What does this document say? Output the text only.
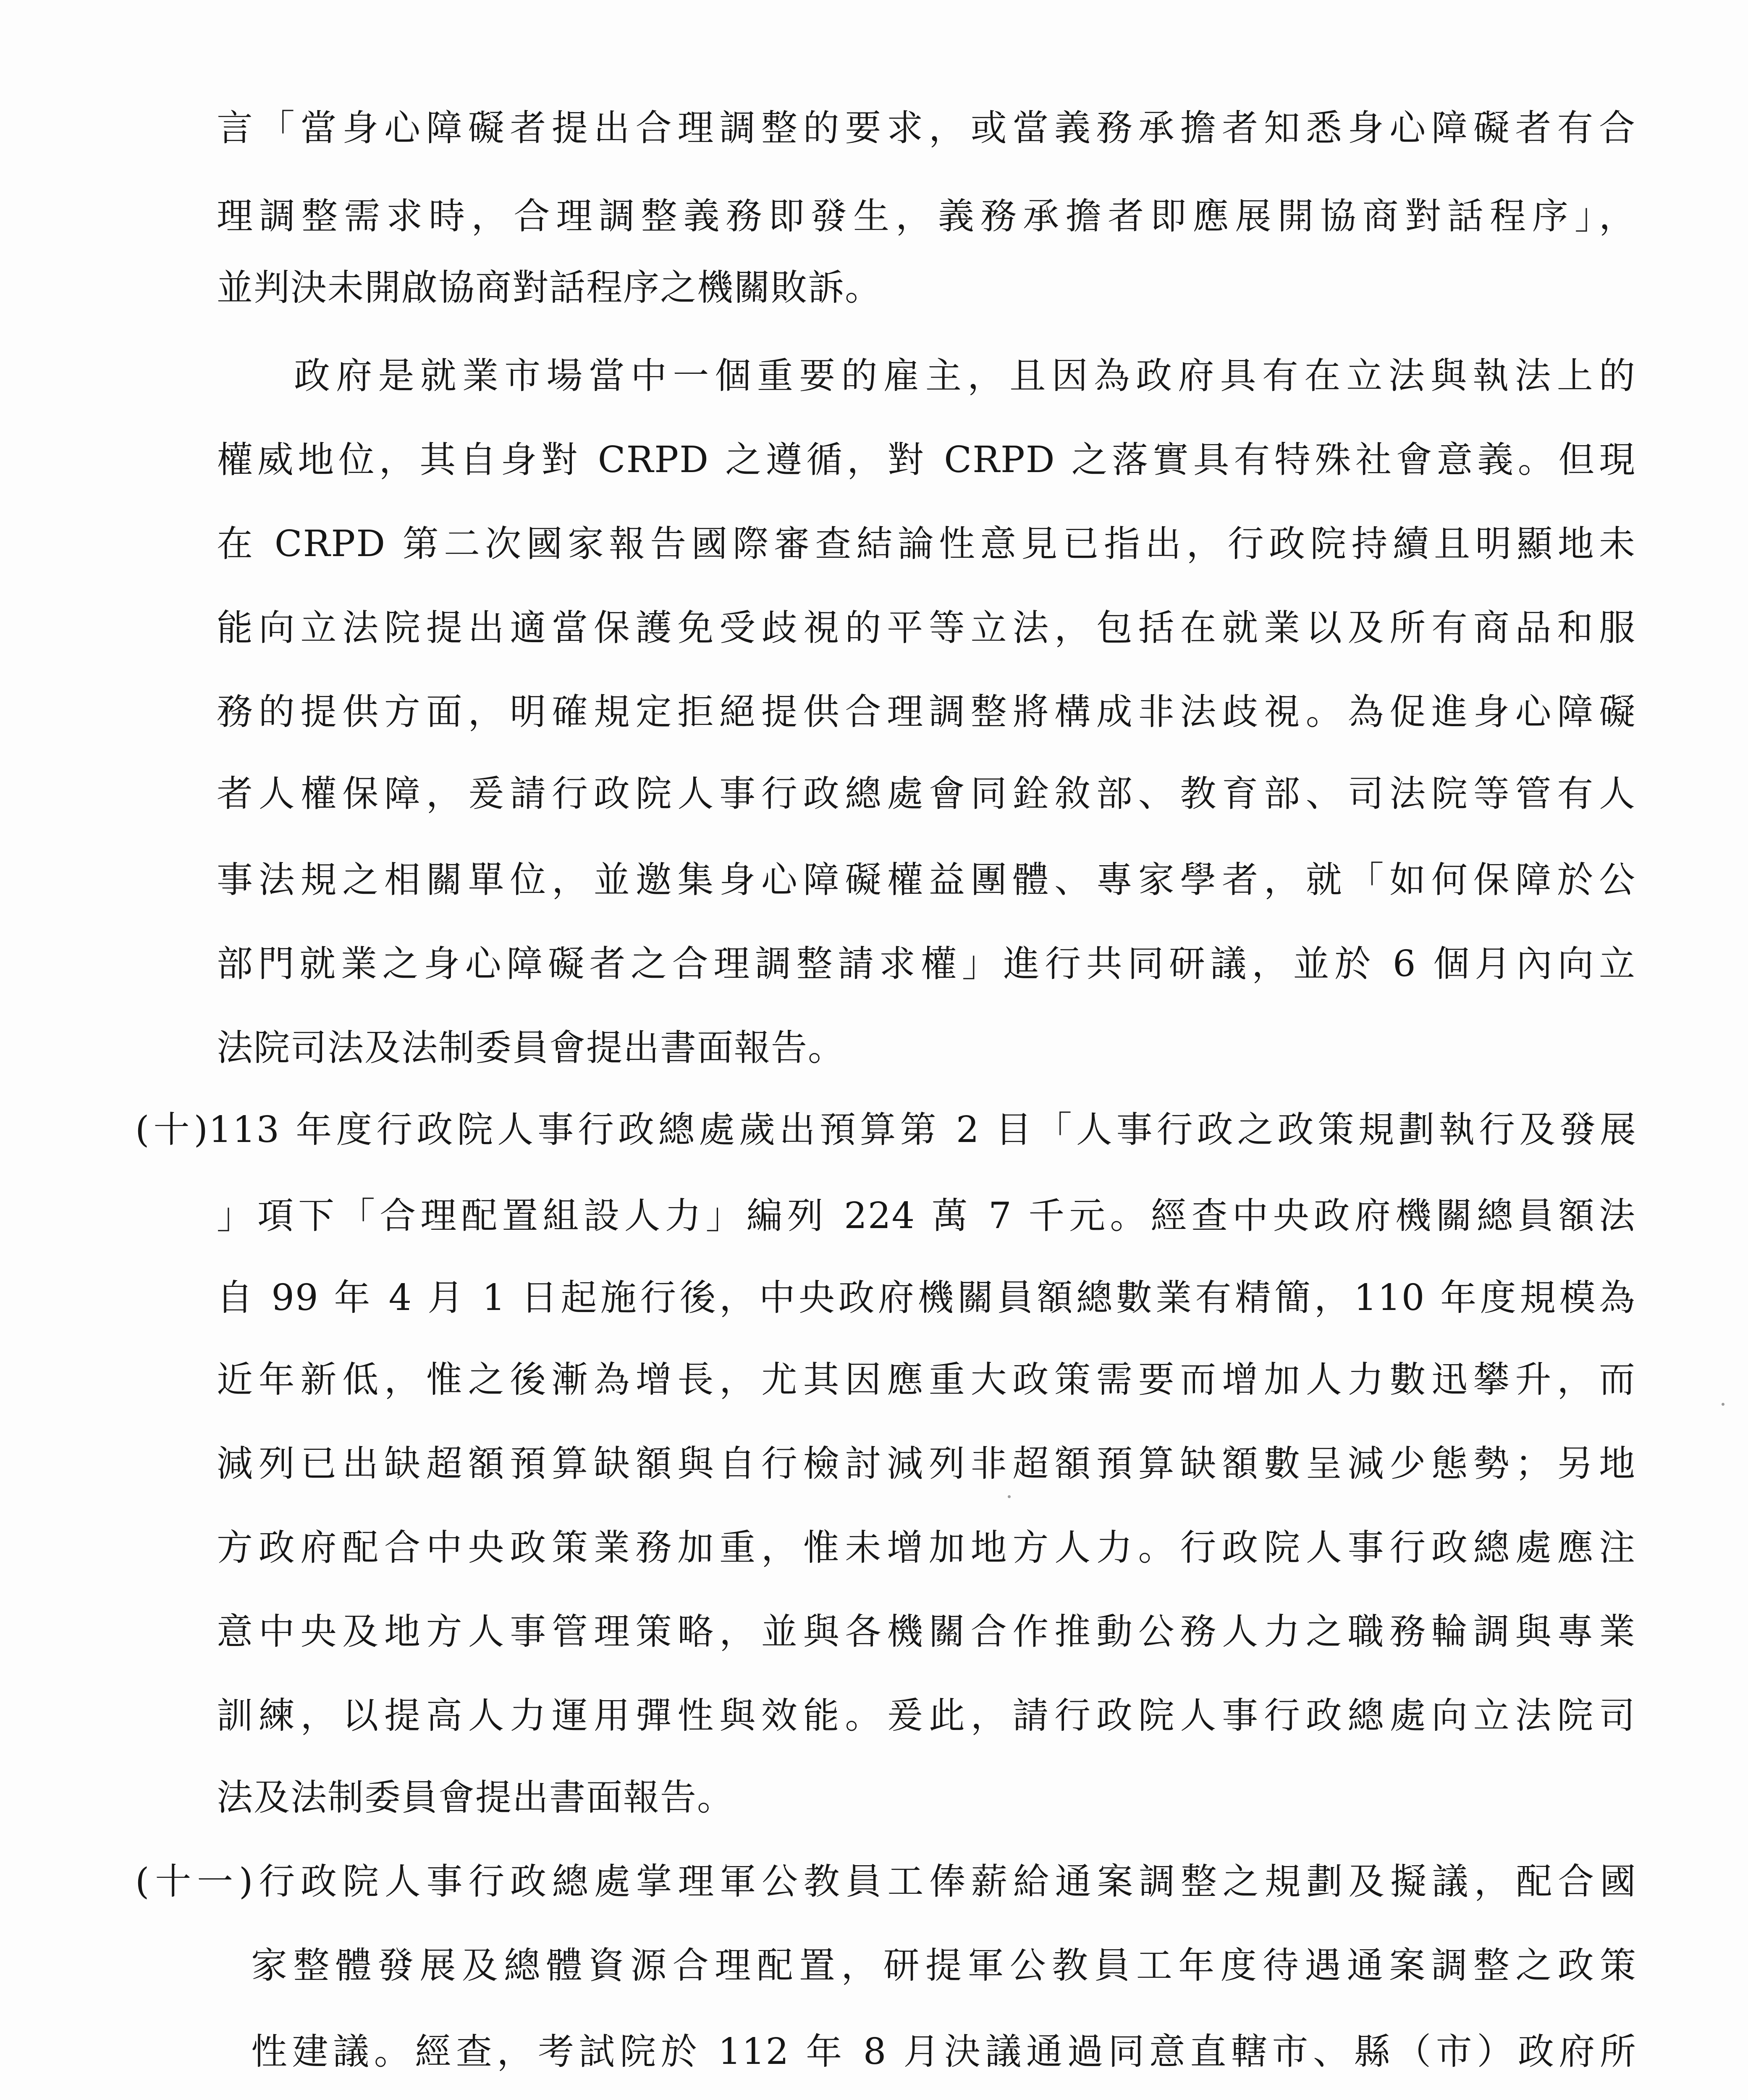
言「當身心障礙者提出合理調整的要求，或當義務承擔者知悉身心障礙者有合
理調整需求時，合理調整義務即發生，義務承擔者即應展開協商對話程序」，
並判決未開啟協商對話程序之機關敗訴。
政府是就業市場當中一個重要的雇主，且因為政府具有在立法與執法上的
權威地位，其自身對 CRPD 之遵循，對 CRPD 之落實具有特殊社會意義。但現
在 CRPD 第二次國家報告國際審查結論性意見已指出，行政院持續且明顯地未
能向立法院提出適當保護免受歧視的平等立法，包括在就業以及所有商品和服
務的提供方面，明確規定拒絕提供合理調整將構成非法歧視。為促進身心障礙
者人權保障，爰請行政院人事行政總處會同銓敘部、教育部、司法院等管有人
事法規之相關單位，並邀集身心障礙權益團體、專家學者，就「如何保障於公
部門就業之身心障礙者之合理調整請求權」進行共同研議，並於 6 個月內向立
法院司法及法制委員會提出書面報告。
(十)113 年度行政院人事行政總處歲出預算第 2 目「人事行政之政策規劃執行及發展
」項下「合理配置組設人力」編列 224 萬 7 千元。經查中央政府機關總員額法
自 99 年 4 月 1 日起施行後，中央政府機關員額總數業有精簡，110 年度規模為
近年新低，惟之後漸為增長，尤其因應重大政策需要而增加人力數迅攀升，而
減列已出缺超額預算缺額與自行檢討減列非超額預算缺額數呈減少態勢；另地
方政府配合中央政策業務加重，惟未增加地方人力。行政院人事行政總處應注
意中央及地方人事管理策略，並與各機關合作推動公務人力之職務輪調與專業
訓練，以提高人力運用彈性與效能。爰此，請行政院人事行政總處向立法院司
法及法制委員會提出書面報告。
(十一)行政院人事行政總處掌理軍公教員工俸薪給通案調整之規劃及擬議，配合國
家整體發展及總體資源合理配置，研提軍公教員工年度待遇通案調整之政策
性建議。經查，考試院於 112 年 8 月決議通過同意直轄市、縣（市）政府所
